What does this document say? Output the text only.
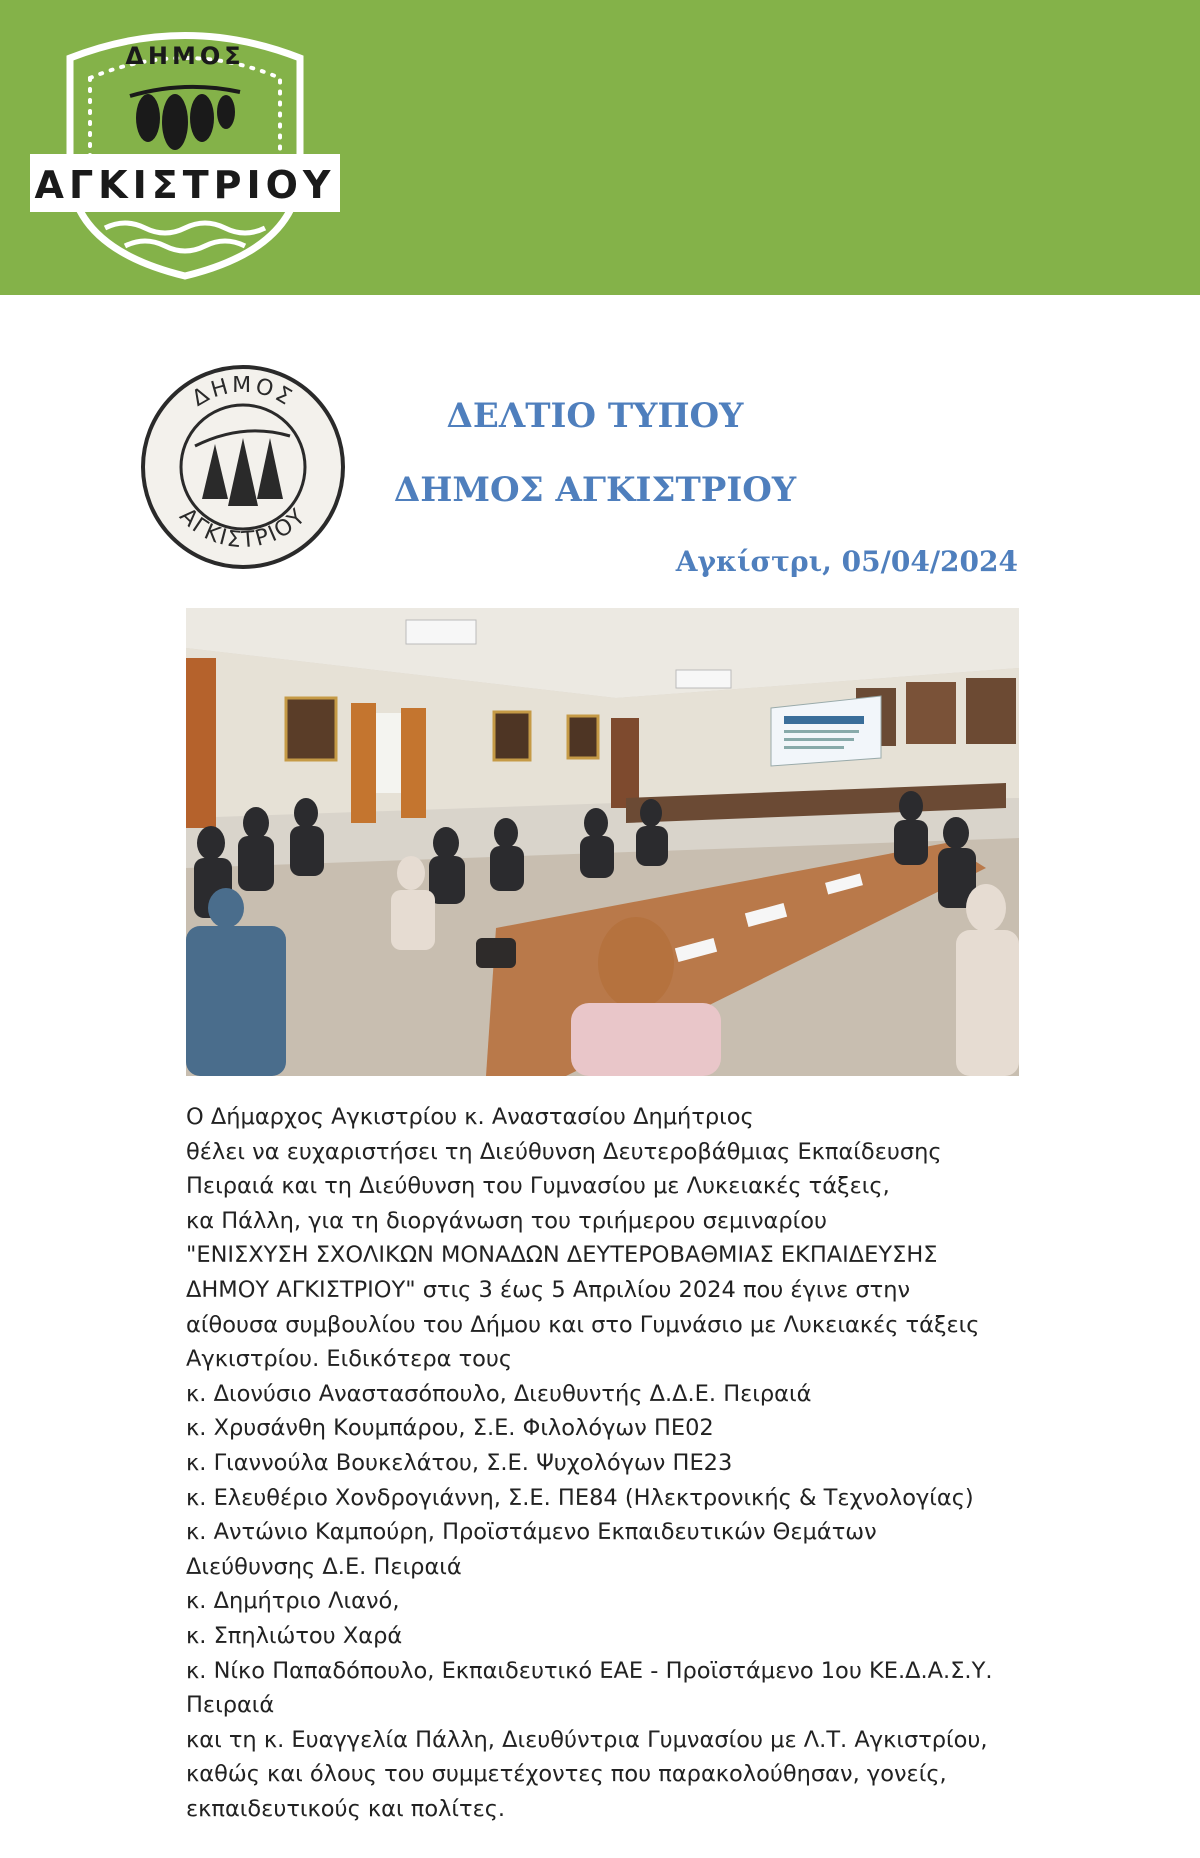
ΔΗΜΟΣ
ΑΓΚΙΣΤΡΙΟΥ
ΔΗΜΟΣ
ΑΓΚΙΣΤΡΙΟΥ
ΔΕΛΤΙΟ ΤΥΠΟΥ
ΔΗΜΟΣ ΑΓΚΙΣΤΡΙΟΥ
Αγκίστρι, 05/04/2024
Ο Δήμαρχος Αγκιστρίου κ. Αναστασίου Δημήτριος
θέλει να ευχαριστήσει τη Διεύθυνση Δευτεροβάθμιας Εκπαίδευσης
Πειραιά και τη Διεύθυνση του Γυμνασίου με Λυκειακές τάξεις,
κα Πάλλη, για τη διοργάνωση του τριήμερου σεμιναρίου
"ΕΝΙΣΧΥΣΗ ΣΧΟΛΙΚΩΝ ΜΟΝΑΔΩΝ ΔΕΥΤΕΡΟΒΑΘΜΙΑΣ ΕΚΠΑΙΔΕΥΣΗΣ
ΔΗΜΟΥ ΑΓΚΙΣΤΡΙΟΥ" στις 3 έως 5 Απριλίου 2024 που έγινε στην
αίθουσα συμβουλίου του Δήμου και στο Γυμνάσιο με Λυκειακές τάξεις
Αγκιστρίου. Ειδικότερα τους
κ. Διονύσιο Αναστασόπουλο, Διευθυντής Δ.Δ.Ε. Πειραιά
κ. Χρυσάνθη Κουμπάρου, Σ.Ε. Φιλολόγων ΠΕ02
κ. Γιαννούλα Βουκελάτου, Σ.Ε. Ψυχολόγων ΠΕ23
κ. Ελευθέριο Χονδρογιάννη, Σ.Ε. ΠΕ84 (Ηλεκτρονικής & Τεχνολογίας)
κ. Αντώνιο Καμπούρη, Προϊστάμενο Εκπαιδευτικών Θεμάτων
Διεύθυνσης Δ.Ε. Πειραιά
κ. Δημήτριο Λιανό,
κ. Σπηλιώτου Χαρά
κ. Νίκο Παπαδόπουλο, Εκπαιδευτικό ΕΑΕ - Προϊστάμενο 1ου ΚΕ.Δ.Α.Σ.Υ.
Πειραιά
και τη κ. Ευαγγελία Πάλλη, Διευθύντρια Γυμνασίου με Λ.Τ. Αγκιστρίου,
καθώς και όλους του συμμετέχοντες που παρακολούθησαν, γονείς,
εκπαιδευτικούς και πολίτες.
